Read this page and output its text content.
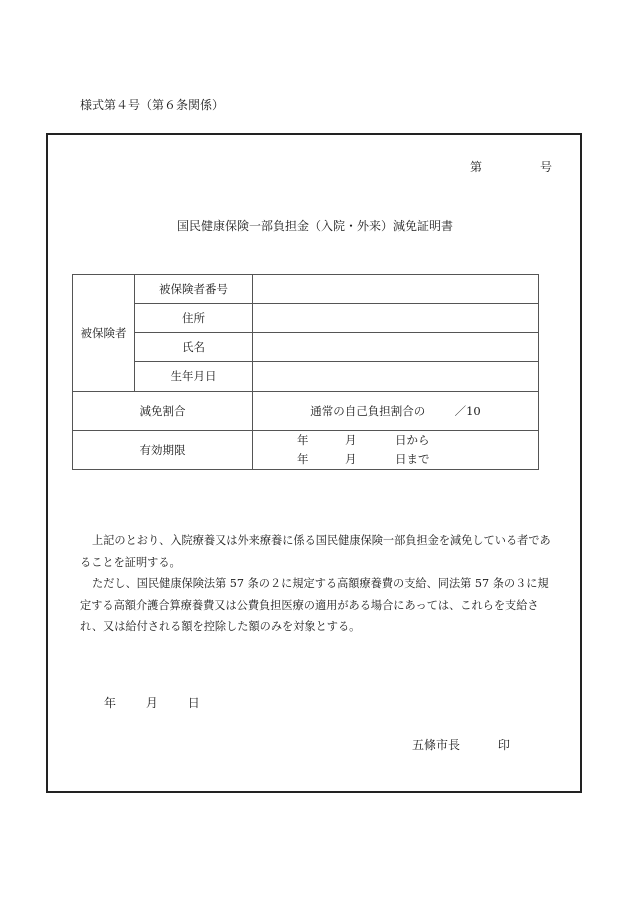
様式第４号（第６条関係）
第	号
国民健康保険一部負担金（入院・外来）減免証明書
被保険者	被保険者番号	
	住所	
	氏名	
	生年月日	
減免割合		通常の自己負担割合の ／10
有効期限		年 月 日から
年 月 日まで
上記のとおり、入院療養又は外来療養に係る国民健康保険一部負担金を減免している者であることを証明する。
ただし、国民健康保険法第 57 条の２に規定する高額療養費の支給、同法第 57 条の３に規定する高額介護合算療養費又は公費負担医療の適用がある場合にあっては、これらを支給され、又は給付される額を控除した額のみを対象とする。
年 月 日
五條市長	印
